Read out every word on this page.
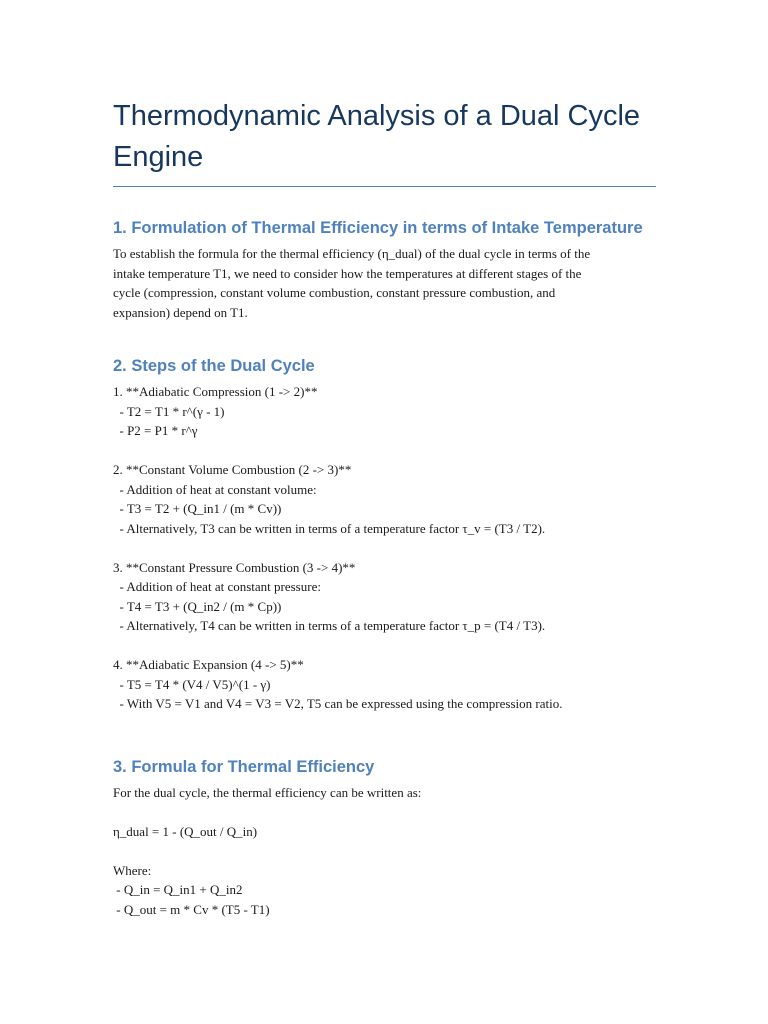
Thermodynamic Analysis of a Dual Cycle Engine
1. Formulation of Thermal Efficiency in terms of Intake Temperature
To establish the formula for the thermal efficiency (η_dual) of the dual cycle in terms of the
intake temperature T1, we need to consider how the temperatures at different stages of the
cycle (compression, constant volume combustion, constant pressure combustion, and
expansion) depend on T1.
2. Steps of the Dual Cycle
1. **Adiabatic Compression (1 -> 2)**
- T2 = T1 * r^(γ - 1)
- P2 = P1 * r^γ
2. **Constant Volume Combustion (2 -> 3)**
- Addition of heat at constant volume:
- T3 = T2 + (Q_in1 / (m * Cv))
- Alternatively, T3 can be written in terms of a temperature factor τ_v = (T3 / T2).
3. **Constant Pressure Combustion (3 -> 4)**
- Addition of heat at constant pressure:
- T4 = T3 + (Q_in2 / (m * Cp))
- Alternatively, T4 can be written in terms of a temperature factor τ_p = (T4 / T3).
4. **Adiabatic Expansion (4 -> 5)**
- T5 = T4 * (V4 / V5)^(1 - γ)
- With V5 = V1 and V4 = V3 = V2, T5 can be expressed using the compression ratio.
3. Formula for Thermal Efficiency
For the dual cycle, the thermal efficiency can be written as:
η_dual = 1 - (Q_out / Q_in)
Where:
- Q_in = Q_in1 + Q_in2
- Q_out = m * Cv * (T5 - T1)
